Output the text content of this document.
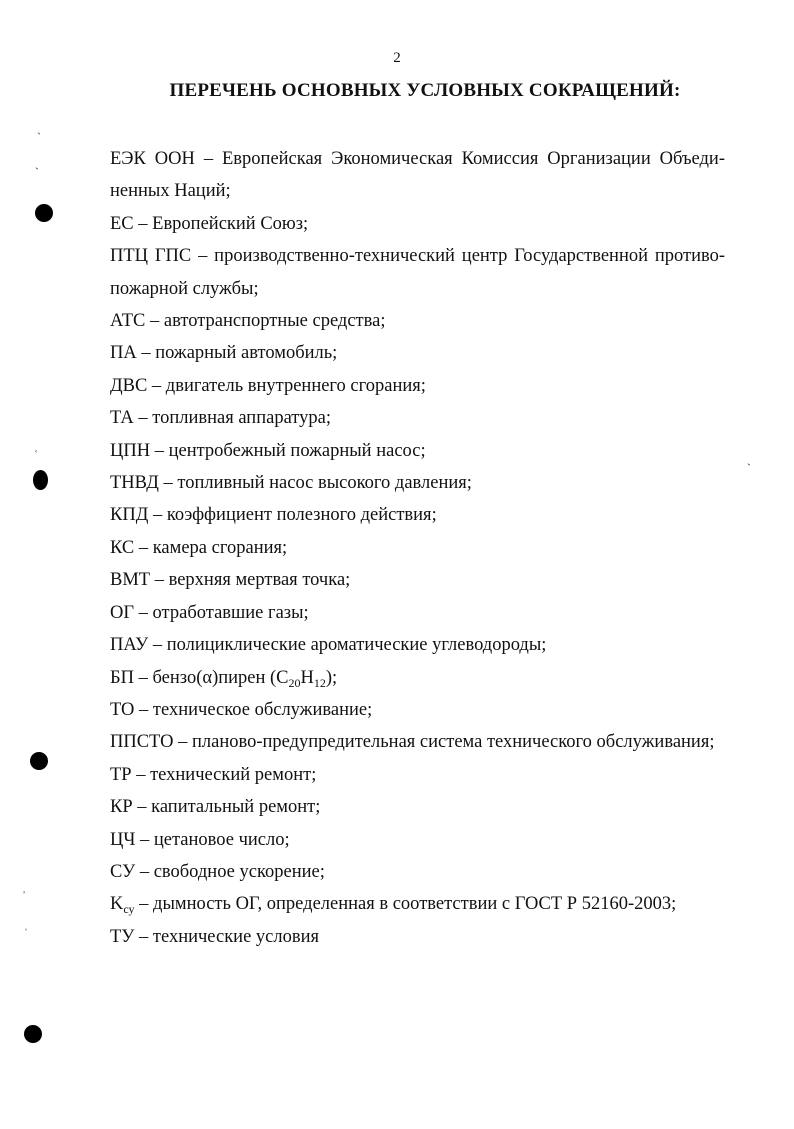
2
ПЕРЕЧЕНЬ ОСНОВНЫХ УСЛОВНЫХ СОКРАЩЕНИЙ:
ЕЭК ООН – Европейская Экономическая Комиссия Организации Объеди-ненных Наций;
ЕС – Европейский Союз;
ПТЦ ГПС – производственно-технический центр Государственной противо-пожарной службы;
АТС – автотранспортные средства;
ПА – пожарный автомобиль;
ДВС – двигатель внутреннего сгорания;
ТА – топливная аппаратура;
ЦПН – центробежный пожарный насос;
ТНВД – топливный насос высокого давления;
КПД – коэффициент полезного действия;
КС – камера сгорания;
ВМТ – верхняя мертвая точка;
ОГ – отработавшие газы;
ПАУ – полициклические ароматические углеводороды;
БП – бензо(α)пирен $(C_{20}H_{12})$;
ТО – техническое обслуживание;
ППСТО – планово-предупредительная система технического обслуживания;
ТР – технический ремонт;
КР – капитальный ремонт;
ЦЧ – цетановое число;
СУ – свободное ускорение;
$K_{су}$ – дымность ОГ, определенная в соответствии с ГОСТ Р 52160-2003;
ТУ – технические условия
ˎ
ˏ
˓
ˋ
˒
ˌ
